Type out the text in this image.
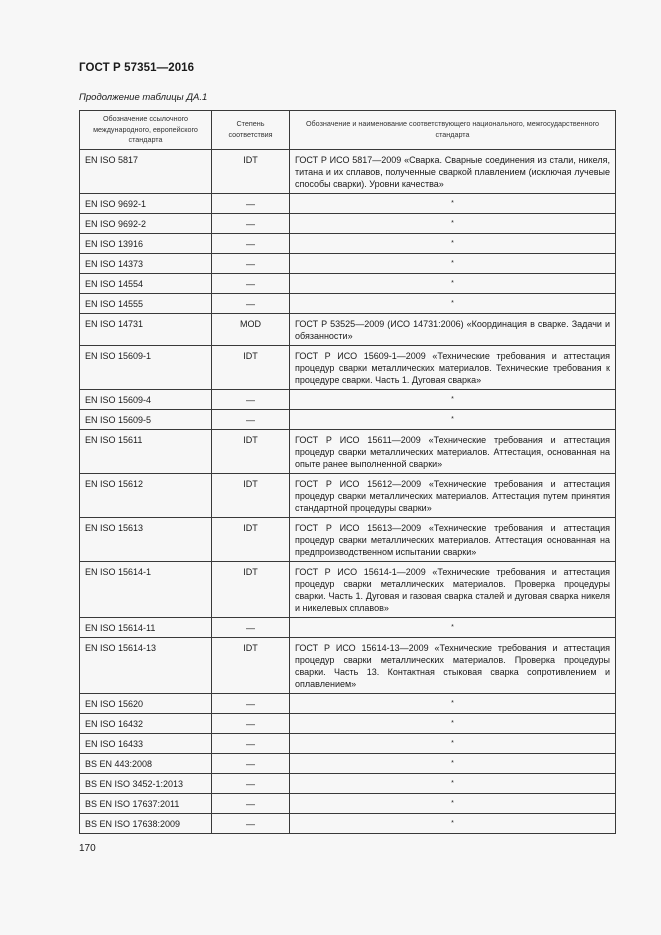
ГОСТ Р 57351—2016
Продолжение таблицы ДА.1
Обозначение ссылочного международного, европейского стандарта	Степень соответствия	Обозначение и наименование соответствующего национального, межгосударственного стандарта
EN ISO 5817	IDT	ГОСТ Р ИСО 5817—2009 «Сварка. Сварные соединения из стали, никеля, титана и их сплавов, полученные сваркой плавлением (исключая лучевые способы сварки). Уровни качества»
EN ISO 9692-1	—	*
EN ISO 9692-2	—	*
EN ISO 13916	—	*
EN ISO 14373	—	*
EN ISO 14554	—	*
EN ISO 14555	—	*
EN ISO 14731	MOD	ГОСТ Р 53525—2009 (ИСО 14731:2006) «Координация в сварке. Задачи и обязанности»
EN ISO 15609-1	IDT	ГОСТ Р ИСО 15609-1—2009 «Технические требования и аттестация процедур сварки металлических материалов. Технические требования к процедуре сварки. Часть 1. Дуговая сварка»
EN ISO 15609-4	—	*
EN ISO 15609-5	—	*
EN ISO 15611	IDT	ГОСТ Р ИСО 15611—2009 «Технические требования и аттестация процедур сварки металлических материалов. Аттестация, основанная на опыте ранее выполненной сварки»
EN ISO 15612	IDT	ГОСТ Р ИСО 15612—2009 «Технические требования и аттестация процедур сварки металлических материалов. Аттестация путем принятия стандартной процедуры сварки»
EN ISO 15613	IDT	ГОСТ Р ИСО 15613—2009 «Технические требования и аттестация процедур сварки металлических материалов. Аттестация основанная на предпроизводственном испытании сварки»
EN ISO 15614-1	IDT	ГОСТ Р ИСО 15614-1—2009 «Технические требования и аттестация процедур сварки металлических материалов. Проверка процедуры сварки. Часть 1. Дуговая и газовая сварка сталей и дуговая сварка никеля и никелевых сплавов»
EN ISO 15614-11	—	*
EN ISO 15614-13	IDT	ГОСТ Р ИСО 15614-13—2009 «Технические требования и аттестация процедур сварки металлических материалов. Проверка процедуры сварки. Часть 13. Контактная стыковая сварка сопротивлением и оплавлением»
EN ISO 15620	—	*
EN ISO 16432	—	*
EN ISO 16433	—	*
BS EN 443:2008	—	*
BS EN ISO 3452-1:2013	—	*
BS EN ISO 17637:2011	—	*
BS EN ISO 17638:2009	—	*
170
